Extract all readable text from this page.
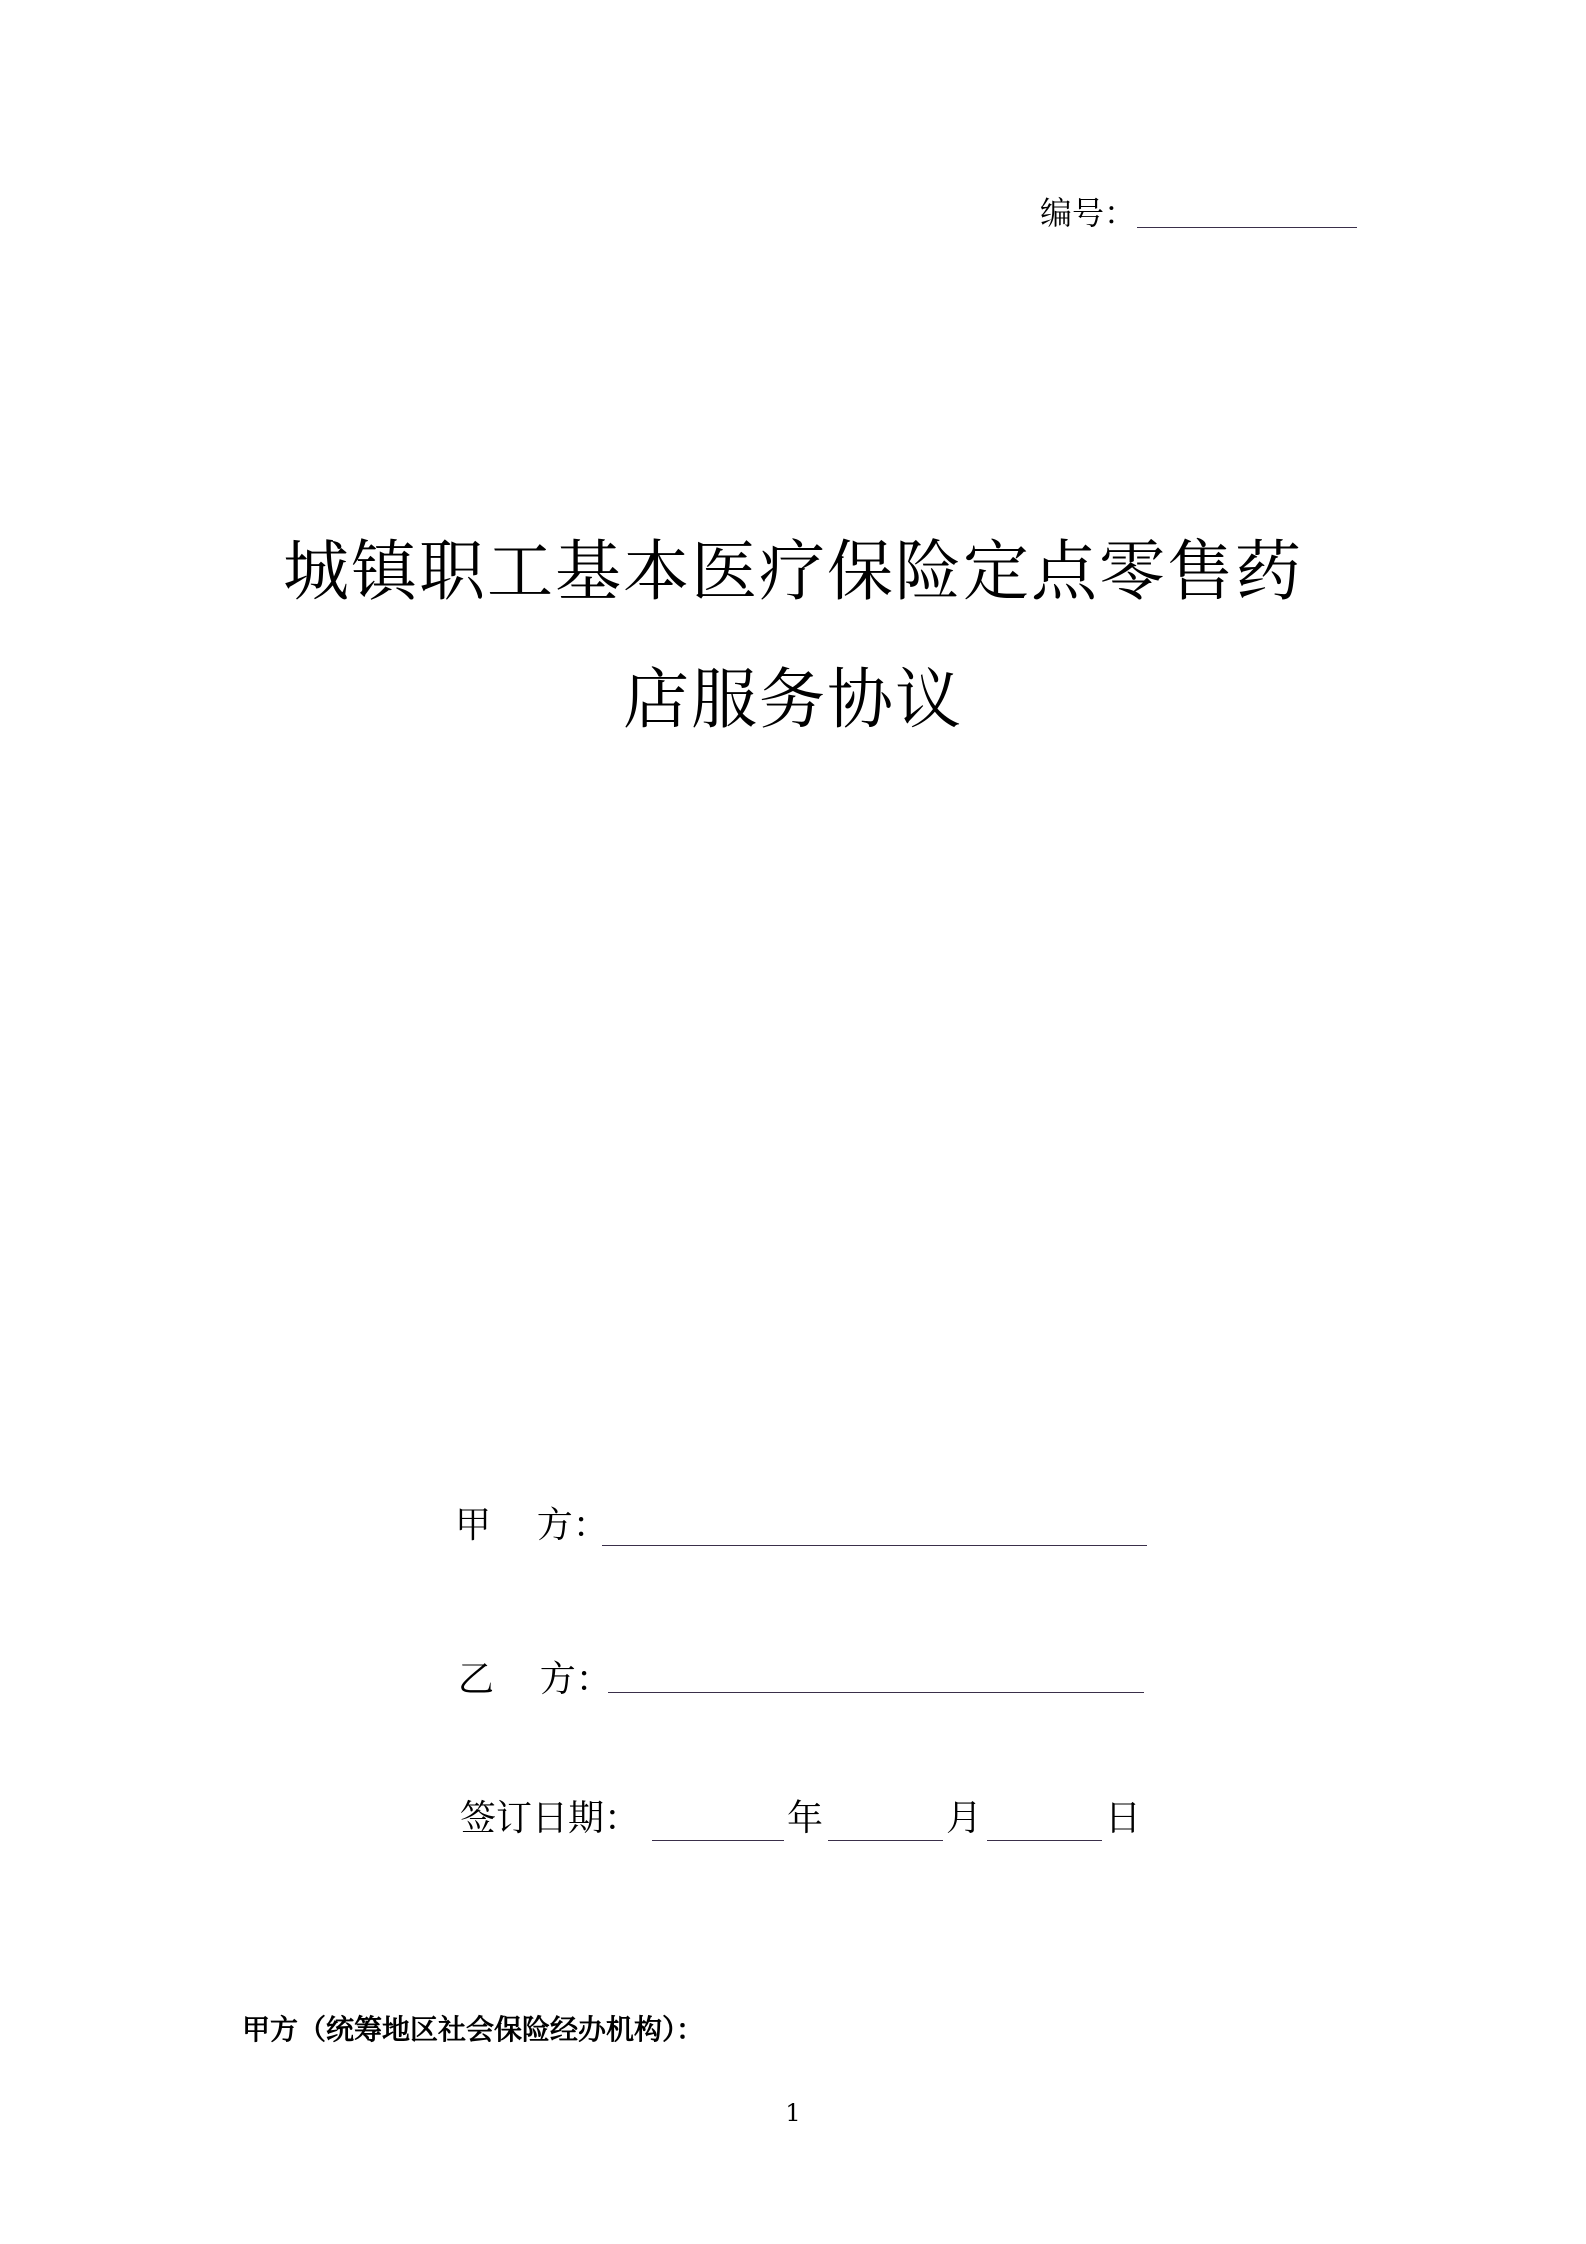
编号：
城镇职工基本医疗保险定点零售药
店服务协议
甲    方：
乙    方：
签订日期：	年	月	日
甲方（统筹地区社会保险经办机构）：
1
